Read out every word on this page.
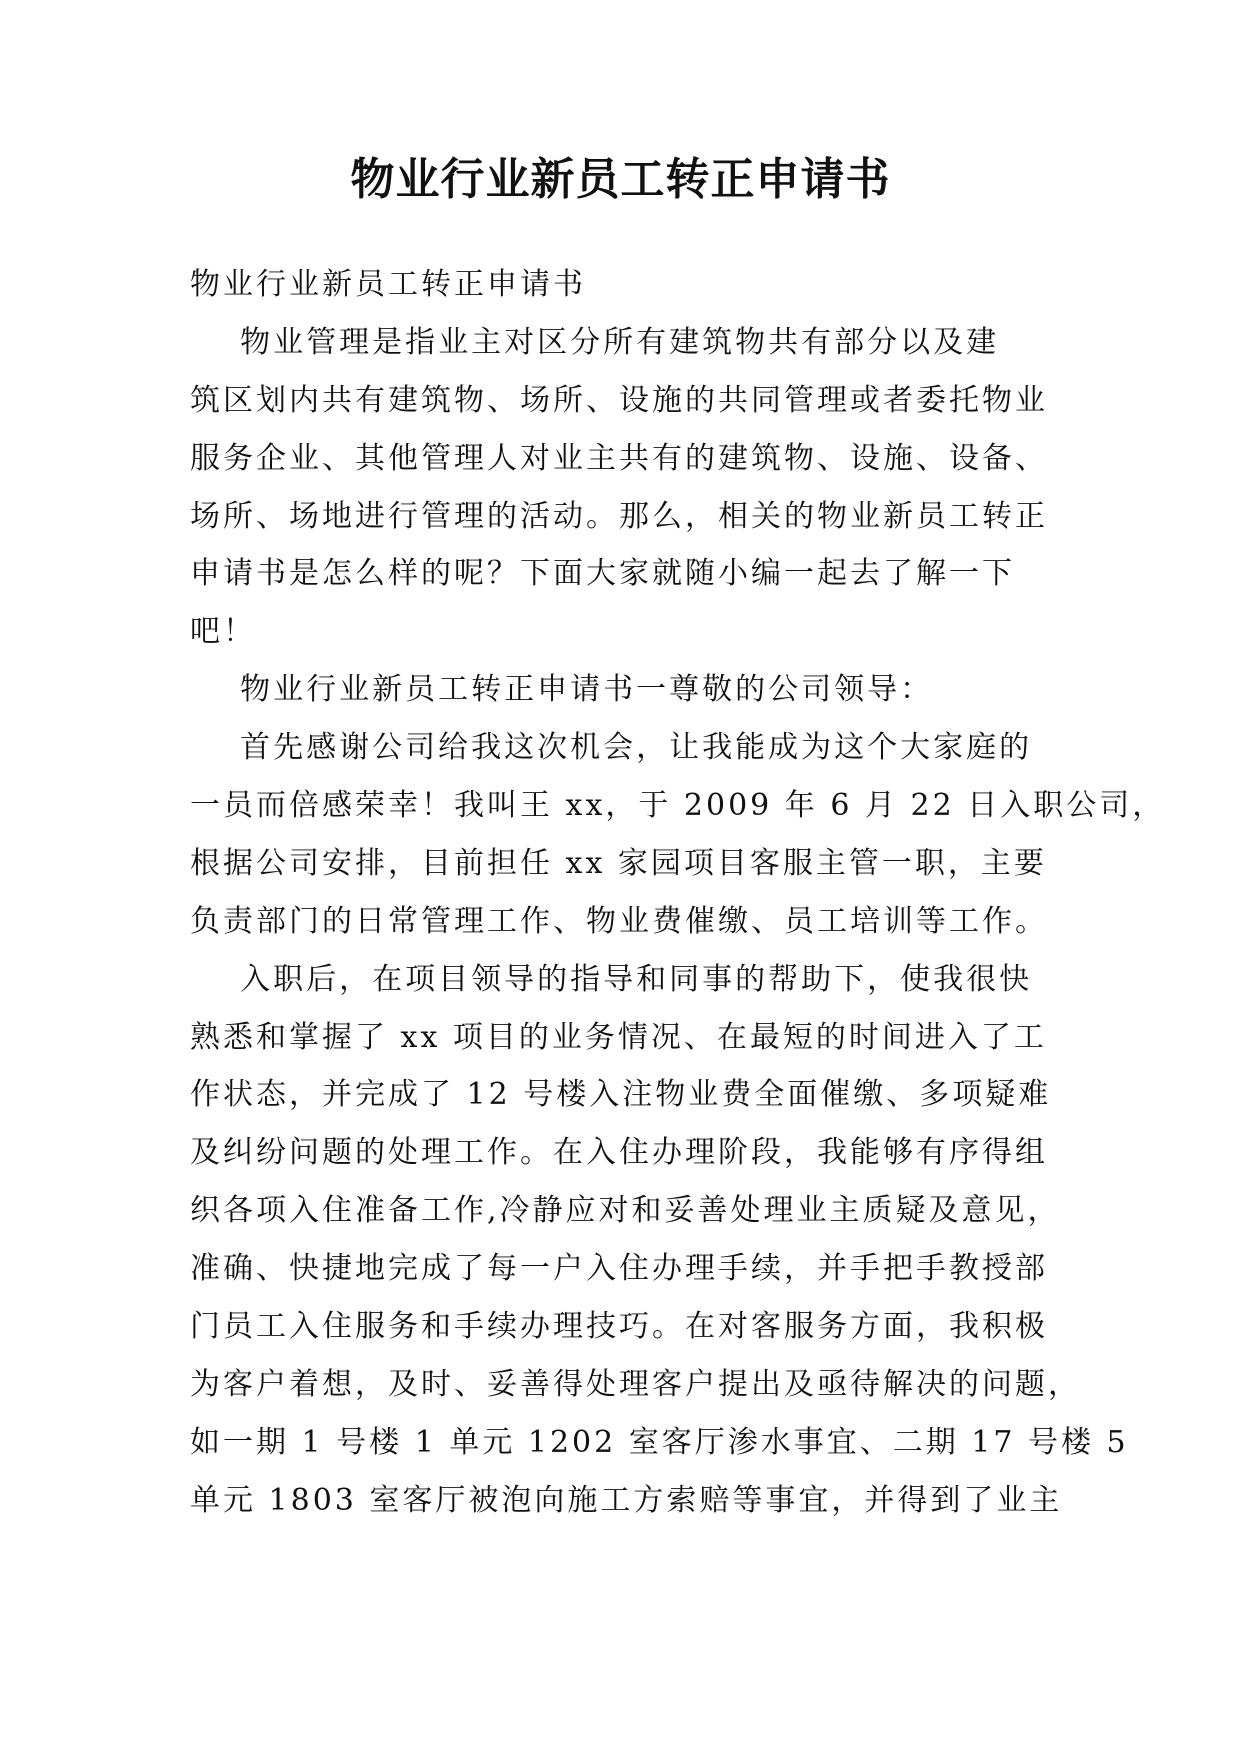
物业行业新员工转正申请书
物业行业新员工转正申请书
物业管理是指业主对区分所有建筑物共有部分以及建
筑区划内共有建筑物、场所、设施的共同管理或者委托物业
服务企业、其他管理人对业主共有的建筑物、设施、设备、
场所、场地进行管理的活动。那么，相关的物业新员工转正
申请书是怎么样的呢？下面大家就随小编一起去了解一下
吧！
物业行业新员工转正申请书一尊敬的公司领导：
首先感谢公司给我这次机会，让我能成为这个大家庭的
一员而倍感荣幸！我叫王 xx，于 2009 年 6 月 22 日入职公司，
根据公司安排，目前担任 xx 家园项目客服主管一职，主要
负责部门的日常管理工作、物业费催缴、员工培训等工作。
入职后，在项目领导的指导和同事的帮助下，使我很快
熟悉和掌握了 xx 项目的业务情况、在最短的时间进入了工
作状态，并完成了 12 号楼入注物业费全面催缴、多项疑难
及纠纷问题的处理工作。在入住办理阶段，我能够有序得组
织各项入住准备工作,冷静应对和妥善处理业主质疑及意见，
准确、快捷地完成了每一户入住办理手续，并手把手教授部
门员工入住服务和手续办理技巧。在对客服务方面，我积极
为客户着想，及时、妥善得处理客户提出及亟待解决的问题，
如一期 1 号楼 1 单元 1202 室客厅渗水事宜、二期 17 号楼 5
单元 1803 室客厅被泡向施工方索赔等事宜，并得到了业主
